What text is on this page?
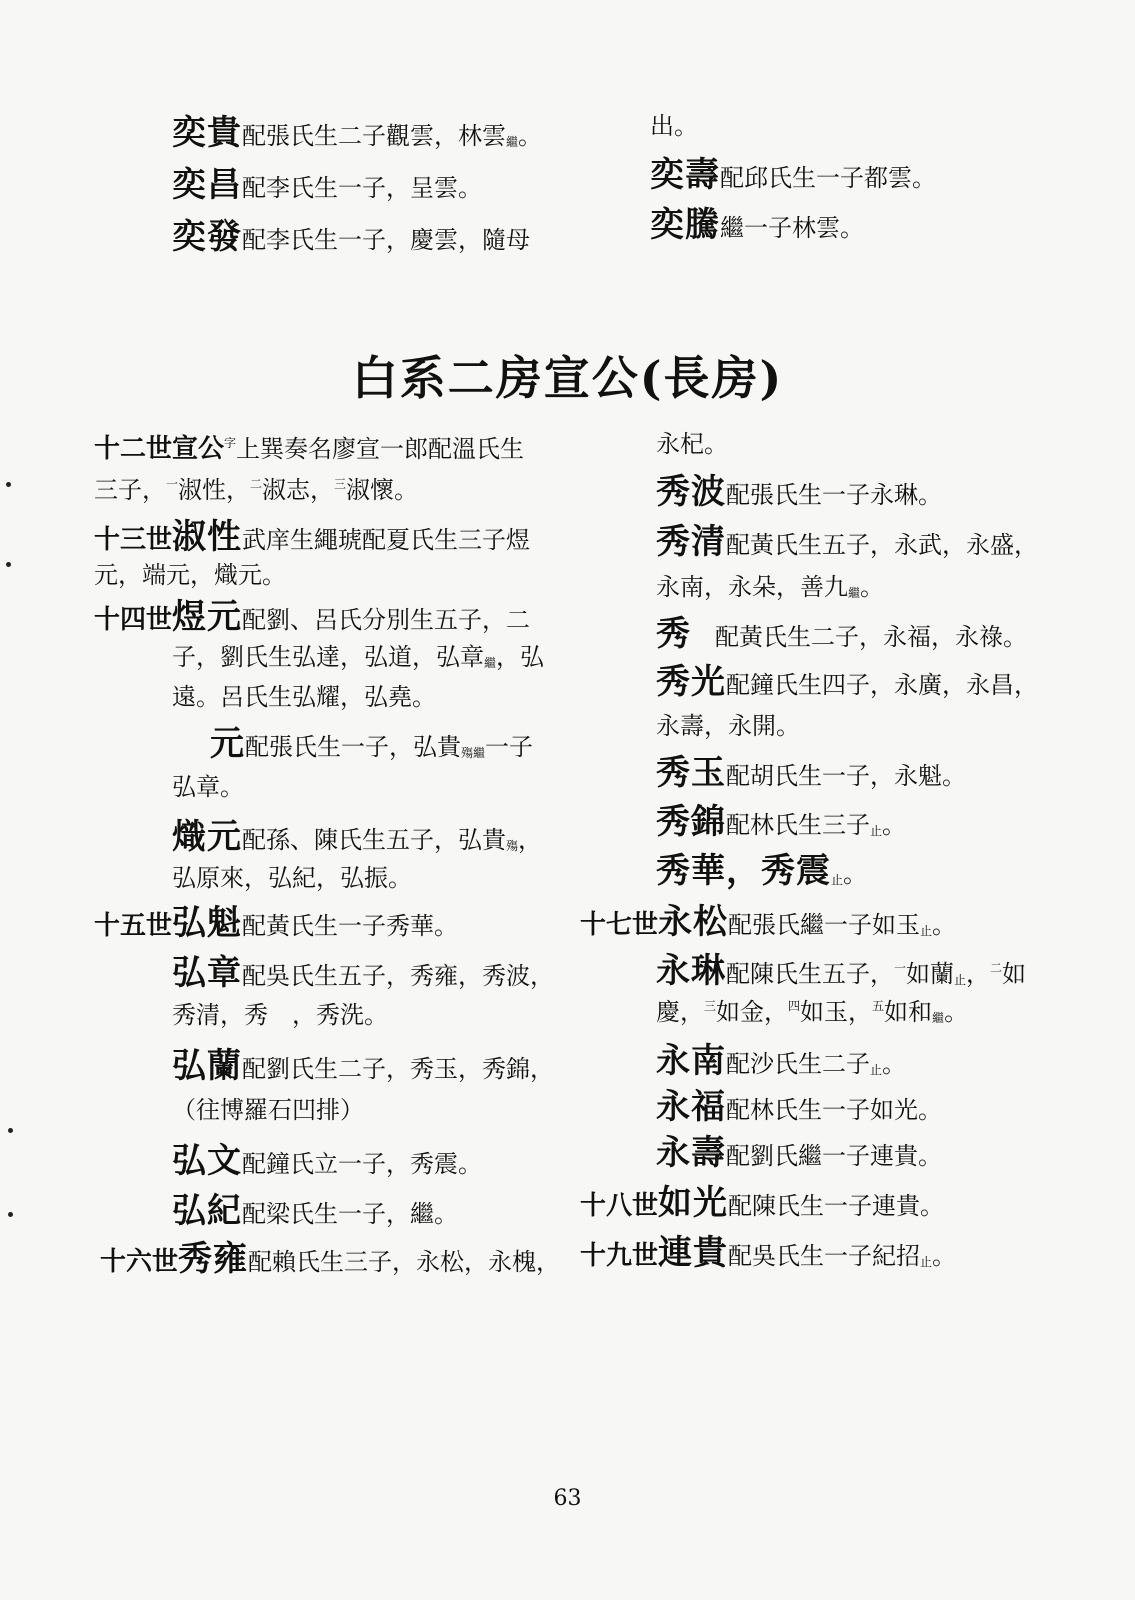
奕貴配張氏生二子觀雲，林雲繼。
奕昌配李氏生一子，呈雲。
奕發配李氏生一子，慶雲，隨母
出。
奕壽配邱氏生一子都雲。
奕騰繼一子林雲。
白系二房宣公(長房)
十二世宣公$^字$上巽奏名廖宣一郎配溫氏生
三子，$^一$淑性，$^二$淑志，$^三$淑懷。
十三世淑性武庠生繩琥配夏氏生三子煜
元，端元，熾元。
十四世煜元配劉、呂氏分別生五子，二
子，劉氏生弘達，弘道，弘章繼，弘
遠。呂氏生弘耀，弘堯。
元配張氏生一子，弘貴殤繼一子
弘章。
熾元配孫、陳氏生五子，弘貴殤，
弘原來，弘紀，弘振。
十五世弘魁配黃氏生一子秀華。
弘章配吳氏生五子，秀雍，秀波，
秀清，秀　，秀洗。
弘蘭配劉氏生二子，秀玉，秀錦，
（往博羅石凹排）
弘文配鐘氏立一子，秀震。
弘紀配梁氏生一子，繼。
十六世秀雍配賴氏生三子，永松，永槐，
永杞。
秀波配張氏生一子永琳。
秀清配黃氏生五子，永武，永盛，
永南，永朵，善九繼。
秀　配黃氏生二子，永福，永祿。
秀光配鐘氏生四子，永廣，永昌，
永壽，永開。
秀玉配胡氏生一子，永魁。
秀錦配林氏生三子止。
秀華，秀震止。
十七世永松配張氏繼一子如玉止。
永琳配陳氏生五子，$^一$如蘭止，$^二$如
慶，$^三$如金，$^四$如玉，$^五$如和繼。
永南配沙氏生二子止。
永福配林氏生一子如光。
永壽配劉氏繼一子連貴。
十八世如光配陳氏生一子連貴。
十九世連貴配吳氏生一子紀招止。
63
